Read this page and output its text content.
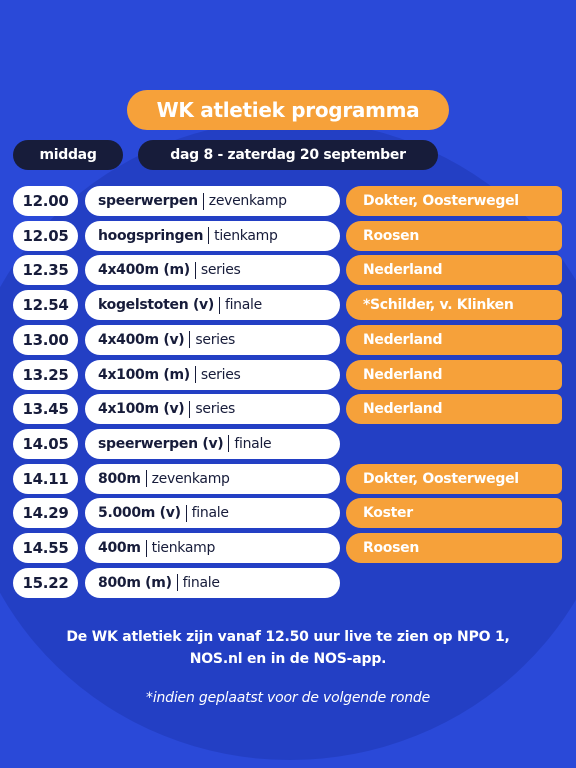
WK atletiek programma
middag	dag 8 - zaterdag 20 september
12.00	speerwerpen zevenkamp	Dokter, Oosterwegel
12.05	hoogspringen tienkamp	Roosen
12.35	4x400m (m) series	Nederland
12.54	kogelstoten (v) finale	*Schilder, v. Klinken
13.00	4x400m (v) series	Nederland
13.25	4x100m (m) series	Nederland
13.45	4x100m (v) series	Nederland
14.05	speerwerpen (v) finale
14.11	800m zevenkamp	Dokter, Oosterwegel
14.29	5.000m (v) finale	Koster
14.55	400m tienkamp	Roosen
15.22	800m (m) finale
De WK atletiek zijn vanaf 12.50 uur live te zien op NPO 1,
NOS.nl en in de NOS-app.
*indien geplaatst voor de volgende ronde
